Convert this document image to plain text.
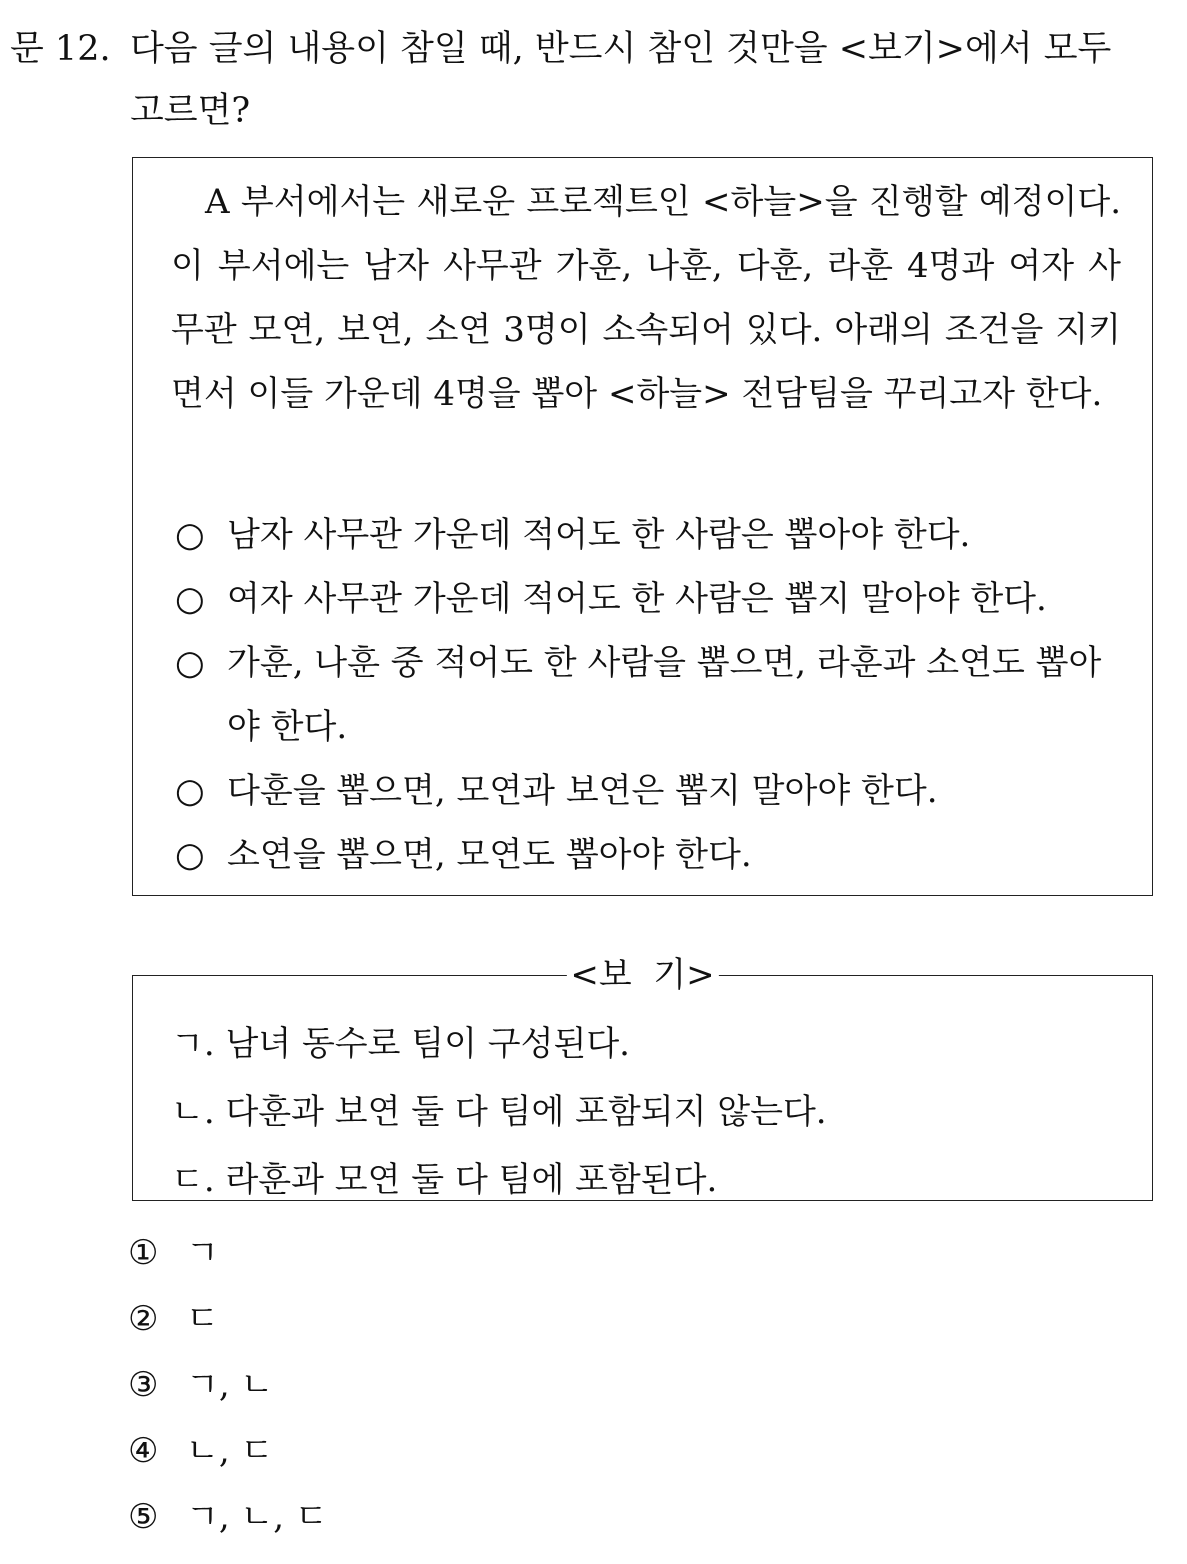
문 12. 다음 글의 내용이 참일 때, 반드시 참인 것만을 <보기>에서 모두
고르면?

A 부서에서는 새로운 프로젝트인 <하늘>을 진행할 예정이다. 이 부서에는 남자 사무관 가훈, 나훈, 다훈, 라훈 4명과 여자 사무관 모연, 보연, 소연 3명이 소속되어 있다. 아래의 조건을 지키면서 이들 가운데 4명을 뽑아 <하늘> 전담팀을 꾸리고자 한다.

○ 남자 사무관 가운데 적어도 한 사람은 뽑아야 한다.
○ 여자 사무관 가운데 적어도 한 사람은 뽑지 말아야 한다.
○ 가훈, 나훈 중 적어도 한 사람을 뽑으면, 라훈과 소연도 뽑아야 한다.
○ 다훈을 뽑으면, 모연과 보연은 뽑지 말아야 한다.
○ 소연을 뽑으면, 모연도 뽑아야 한다.
<보  기>
ㄱ. 남녀 동수로 팀이 구성된다.
ㄴ. 다훈과 보연 둘 다 팀에 포함되지 않는다.
ㄷ. 라훈과 모연 둘 다 팀에 포함된다.
① ㄱ
② ㄷ
③ ㄱ, ㄴ
④ ㄴ, ㄷ
⑤ ㄱ, ㄴ, ㄷ
